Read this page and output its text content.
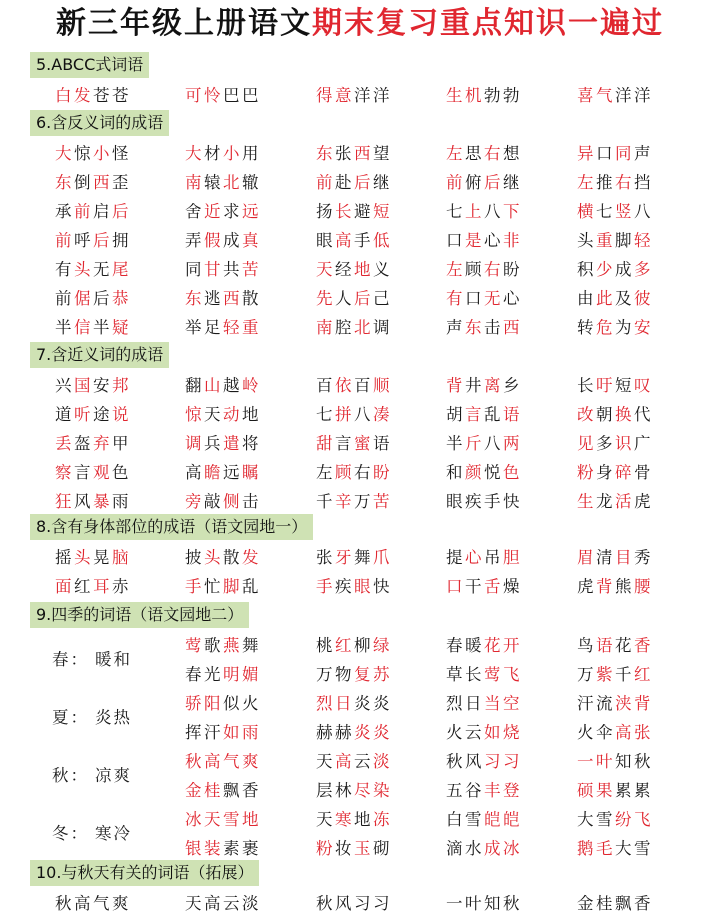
新三年级上册语文期末复习重点知识一遍过
5.ABCC式词语
白发苍苍	可怜巴巴	得意洋洋	生机勃勃	喜气洋洋
6.含反义词的成语
大惊小怪	大材小用	东张西望	左思右想	异口同声
东倒西歪	南辕北辙	前赴后继	前俯后继	左推右挡
承前启后	舍近求远	扬长避短	七上八下	横七竖八
前呼后拥	弄假成真	眼高手低	口是心非	头重脚轻
有头无尾	同甘共苦	天经地义	左顾右盼	积少成多
前倨后恭	东逃西散	先人后己	有口无心	由此及彼
半信半疑	举足轻重	南腔北调	声东击西	转危为安
7.含近义词的成语
兴国安邦	翻山越岭	百依百顺	背井离乡	长吁短叹
道听途说	惊天动地	七拼八凑	胡言乱语	改朝换代
丢盔弃甲	调兵遣将	甜言蜜语	半斤八两	见多识广
察言观色	高瞻远瞩	左顾右盼	和颜悦色	粉身碎骨
狂风暴雨	旁敲侧击	千辛万苦	眼疾手快	生龙活虎
8.含有身体部位的成语（语文园地一）
摇头晃脑	披头散发	张牙舞爪	提心吊胆	眉清目秀
面红耳赤	手忙脚乱	手疾眼快	口干舌燥	虎背熊腰
9.四季的词语（语文园地二）
春： 暖和
莺歌燕舞	桃红柳绿	春暖花开	鸟语花香
春光明媚	万物复苏	草长莺飞	万紫千红
夏： 炎热
骄阳似火	烈日炎炎	烈日当空	汗流浃背
挥汗如雨	赫赫炎炎	火云如烧	火伞高张
秋： 凉爽
秋高气爽	天高云淡	秋风习习	一叶知秋
金桂飘香	层林尽染	五谷丰登	硕果累累
冬： 寒冷
冰天雪地	天寒地冻	白雪皑皑	大雪纷飞
银装素裹	粉妆玉砌	滴水成冰	鹅毛大雪
10.与秋天有关的词语（拓展）
秋高气爽	天高云淡	秋风习习	一叶知秋	金桂飘香
